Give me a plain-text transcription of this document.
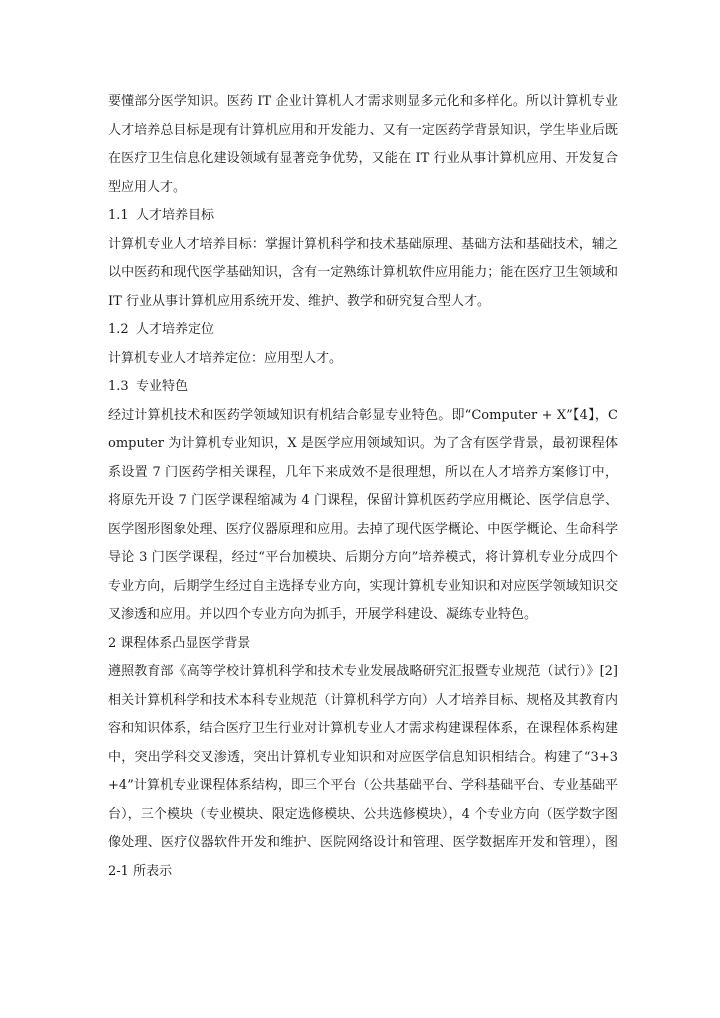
要懂部分医学知识。医药 IT 企业计算机人才需求则显多元化和多样化。所以计算机专业人才培养总目标是现有计算机应用和开发能力、又有一定医药学背景知识，学生毕业后既在医疗卫生信息化建设领域有显著竞争优势，又能在 IT 行业从事计算机应用、开发复合型应用人才。

1.1 人才培养目标

计算机专业人才培养目标：掌握计算机科学和技术基础原理、基础方法和基础技术，辅之以中医药和现代医学基础知识，含有一定熟练计算机软件应用能力；能在医疗卫生领域和 IT 行业从事计算机应用系统开发、维护、教学和研究复合型人才。

1.2 人才培养定位

计算机专业人才培养定位：应用型人才。

1.3 专业特色

经过计算机技术和医药学领域知识有机结合彰显专业特色。即“Computer + X”【4】，Computer 为计算机专业知识，X 是医学应用领域知识。为了含有医学背景，最初课程体系设置 7 门医药学相关课程，几年下来成效不是很理想，所以在人才培养方案修订中，将原先开设 7 门医学课程缩减为 4 门课程，保留计算机医药学应用概论、医学信息学、医学图形图象处理、医疗仪器原理和应用。去掉了现代医学概论、中医学概论、生命科学导论 3 门医学课程，经过“平台加模块、后期分方向”培养模式，将计算机专业分成四个专业方向，后期学生经过自主选择专业方向，实现计算机专业知识和对应医学领域知识交叉渗透和应用。并以四个专业方向为抓手，开展学科建设、凝练专业特色。

2 课程体系凸显医学背景

遵照教育部《高等学校计算机科学和技术专业发展战略研究汇报暨专业规范（试行）》[2]相关计算机科学和技术本科专业规范（计算机科学方向）人才培养目标、规格及其教育内容和知识体系，结合医疗卫生行业对计算机专业人才需求构建课程体系，在课程体系构建中，突出学科交叉渗透，突出计算机专业知识和对应医学信息知识相结合。构建了“3+3+4”计算机专业课程体系结构，即三个平台（公共基础平台、学科基础平台、专业基础平台），三个模块（专业模块、限定选修模块、公共选修模块），4 个专业方向（医学数字图像处理、医疗仪器软件开发和维护、医院网络设计和管理、医学数据库开发和管理），图 2-1 所表示
